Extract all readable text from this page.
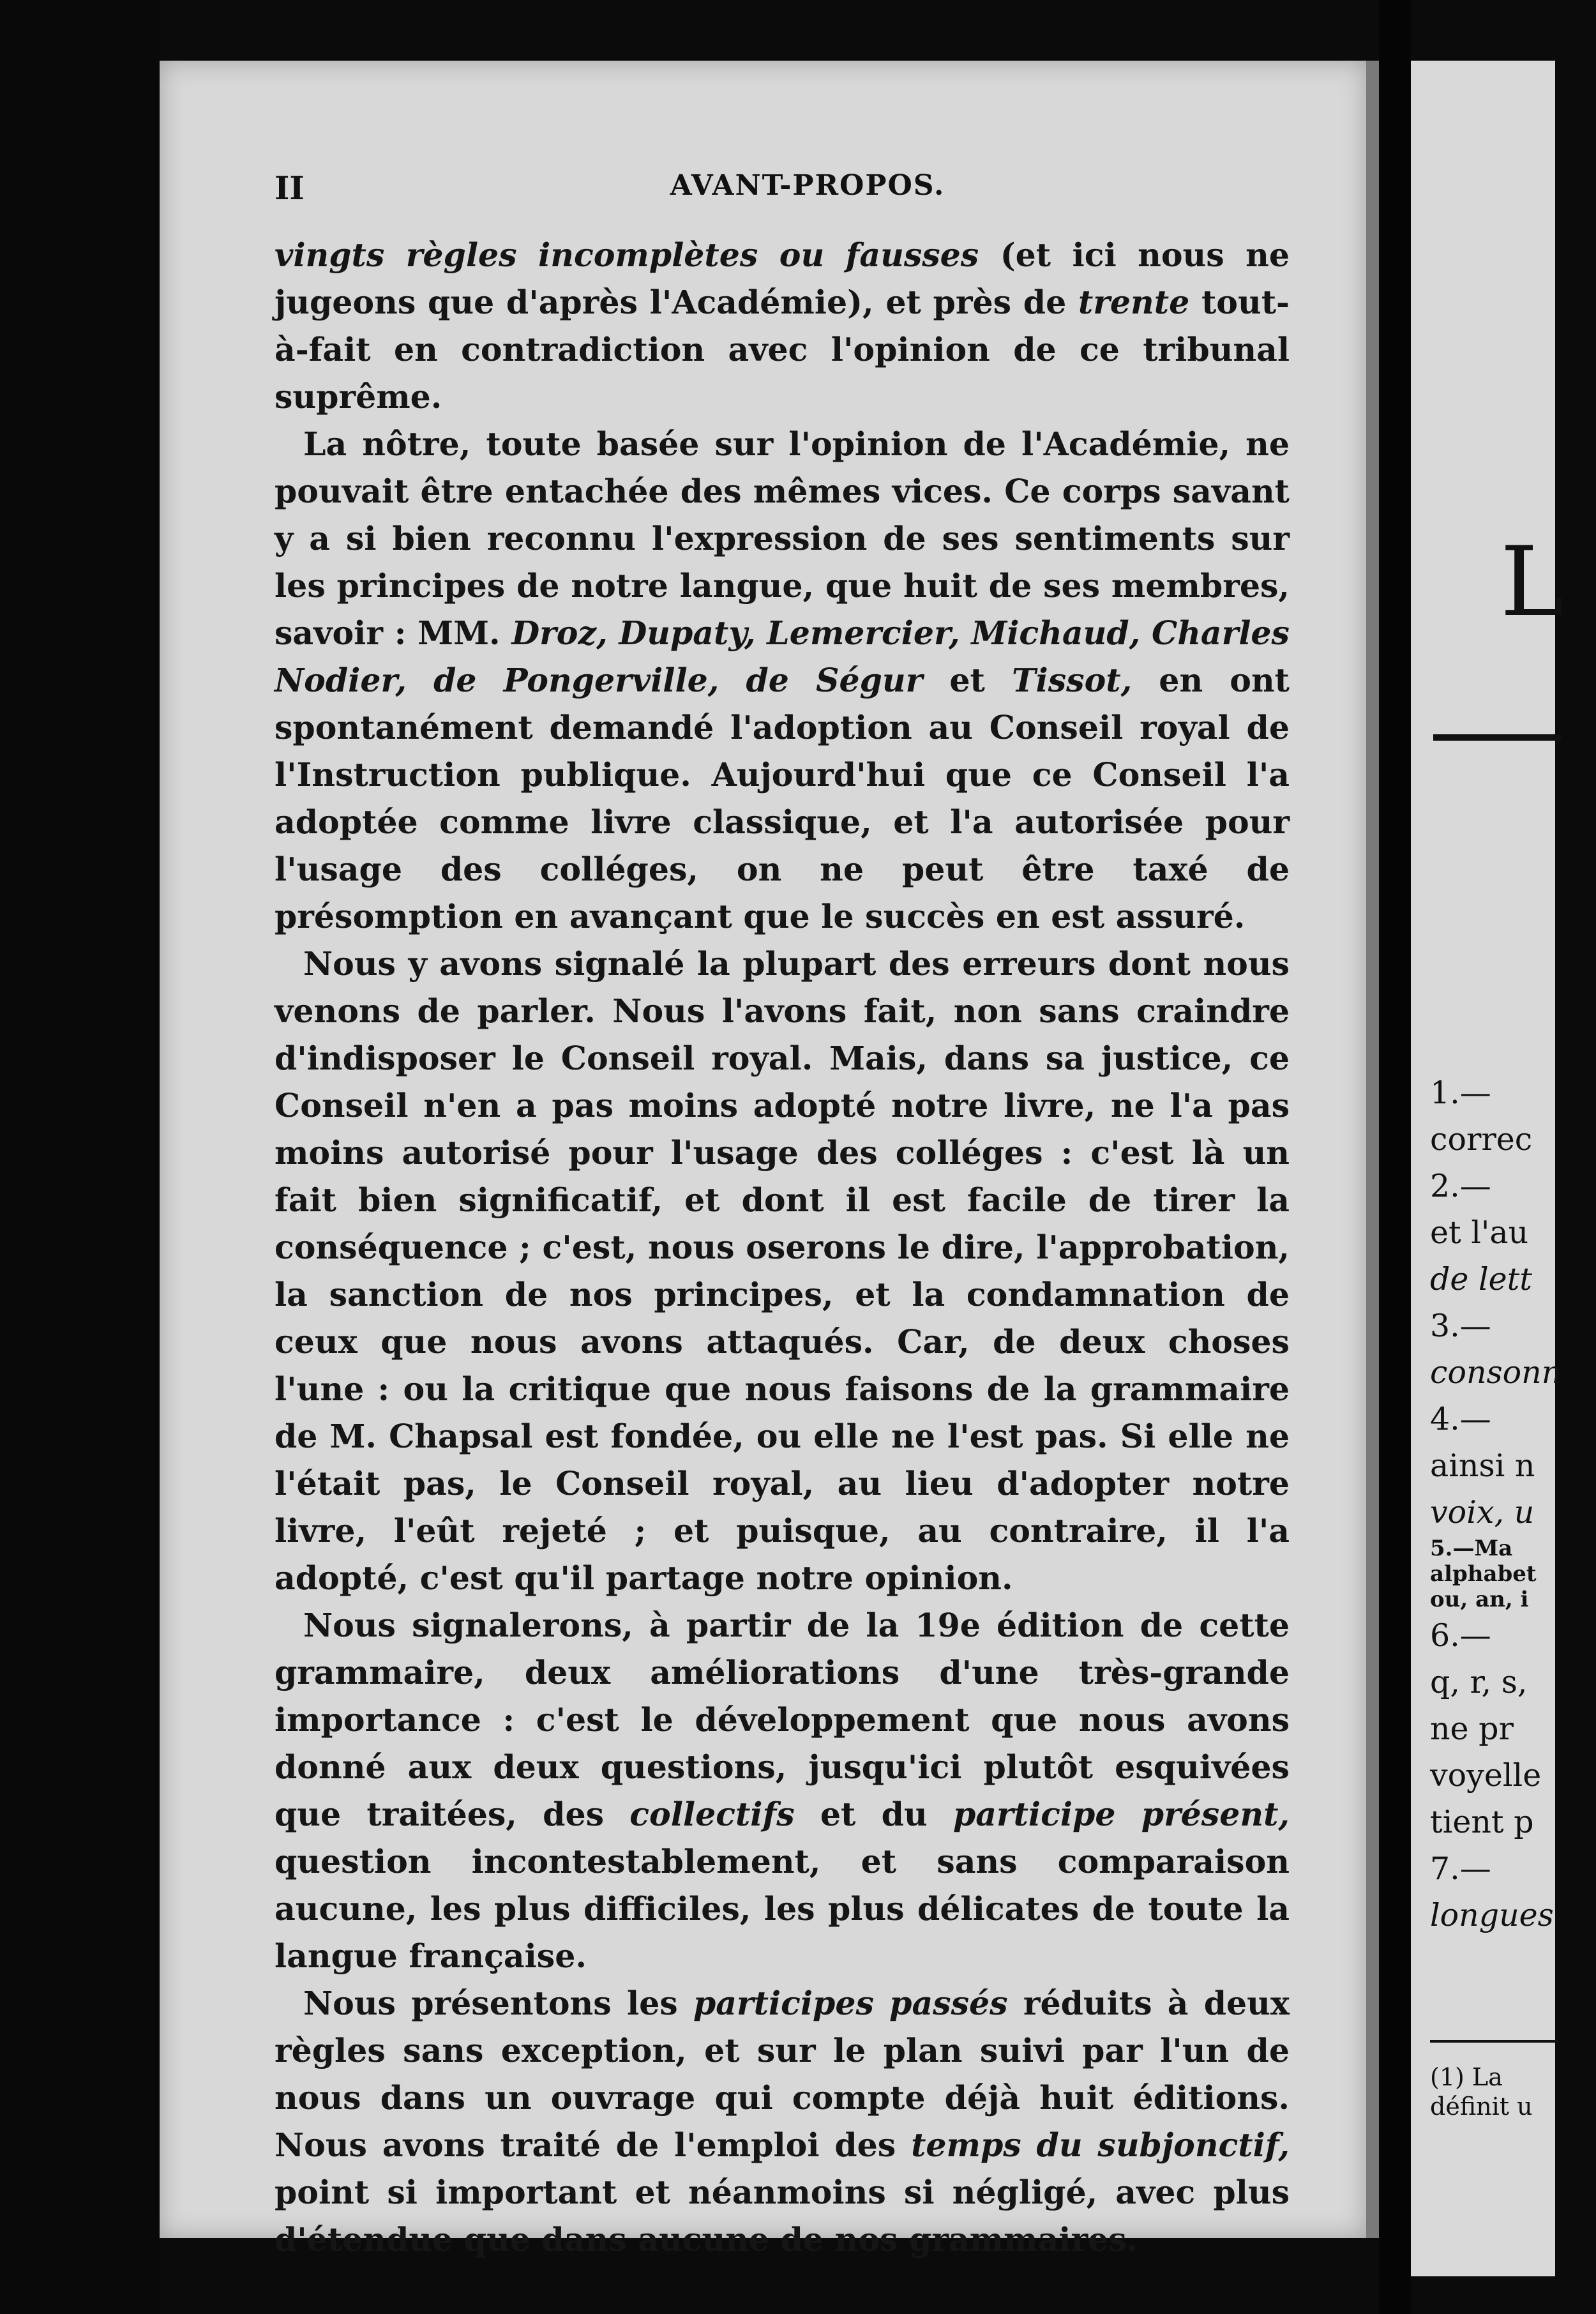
II	AVANT-PROPOS.

vingts règles incomplètes ou fausses (et ici nous ne jugeons que d'après l'Académie), et près de trente tout-à-fait en contradiction avec l'opinion de ce tribunal suprême.

La nôtre, toute basée sur l'opinion de l'Académie, ne pouvait être entachée des mêmes vices. Ce corps savant y a si bien reconnu l'expression de ses sentiments sur les principes de notre langue, que huit de ses membres, savoir : MM. Droz, Dupaty, Lemercier, Michaud, Charles Nodier, de Pongerville, de Ségur et Tissot, en ont spontanément demandé l'adoption au Conseil royal de l'Instruction publique. Aujourd'hui que ce Conseil l'a adoptée comme livre classique, et l'a autorisée pour l'usage des colléges, on ne peut être taxé de présomption en avançant que le succès en est assuré.

Nous y avons signalé la plupart des erreurs dont nous venons de parler. Nous l'avons fait, non sans craindre d'indisposer le Conseil royal. Mais, dans sa justice, ce Conseil n'en a pas moins adopté notre livre, ne l'a pas moins autorisé pour l'usage des colléges : c'est là un fait bien significatif, et dont il est facile de tirer la conséquence ; c'est, nous oserons le dire, l'approbation, la sanction de nos principes, et la condamnation de ceux que nous avons attaqués. Car, de deux choses l'une : ou la critique que nous faisons de la grammaire de M. Chapsal est fondée, ou elle ne l'est pas. Si elle ne l'était pas, le Conseil royal, au lieu d'adopter notre livre, l'eût rejeté ; et puisque, au contraire, il l'a adopté, c'est qu'il partage notre opinion.

Nous signalerons, à partir de la 19e édition de cette grammaire, deux améliorations d'une très-grande importance : c'est le développement que nous avons donné aux deux questions, jusqu'ici plutôt esquivées que traitées, des collectifs et du participe présent, question incontestablement, et sans comparaison aucune, les plus difficiles, les plus délicates de toute la langue française.

Nous présentons les participes passés réduits à deux règles sans exception, et sur le plan suivi par l'un de nous dans un ouvrage qui compte déjà huit éditions. Nous avons traité de l'emploi des temps du subjonctif, point si important et néanmoins si négligé, avec plus d'étendue que dans aucune de nos grammaires.

L
1.—
correc
2.—
et l'au
de lett
3.—
consonn
4.—
ainsi n
voix, u
5.—Ma
alphabet
ou, an, i
6.—
q, r, s,
ne pr
voyelle
tient p
7.—
longues
(1) La
définit u
